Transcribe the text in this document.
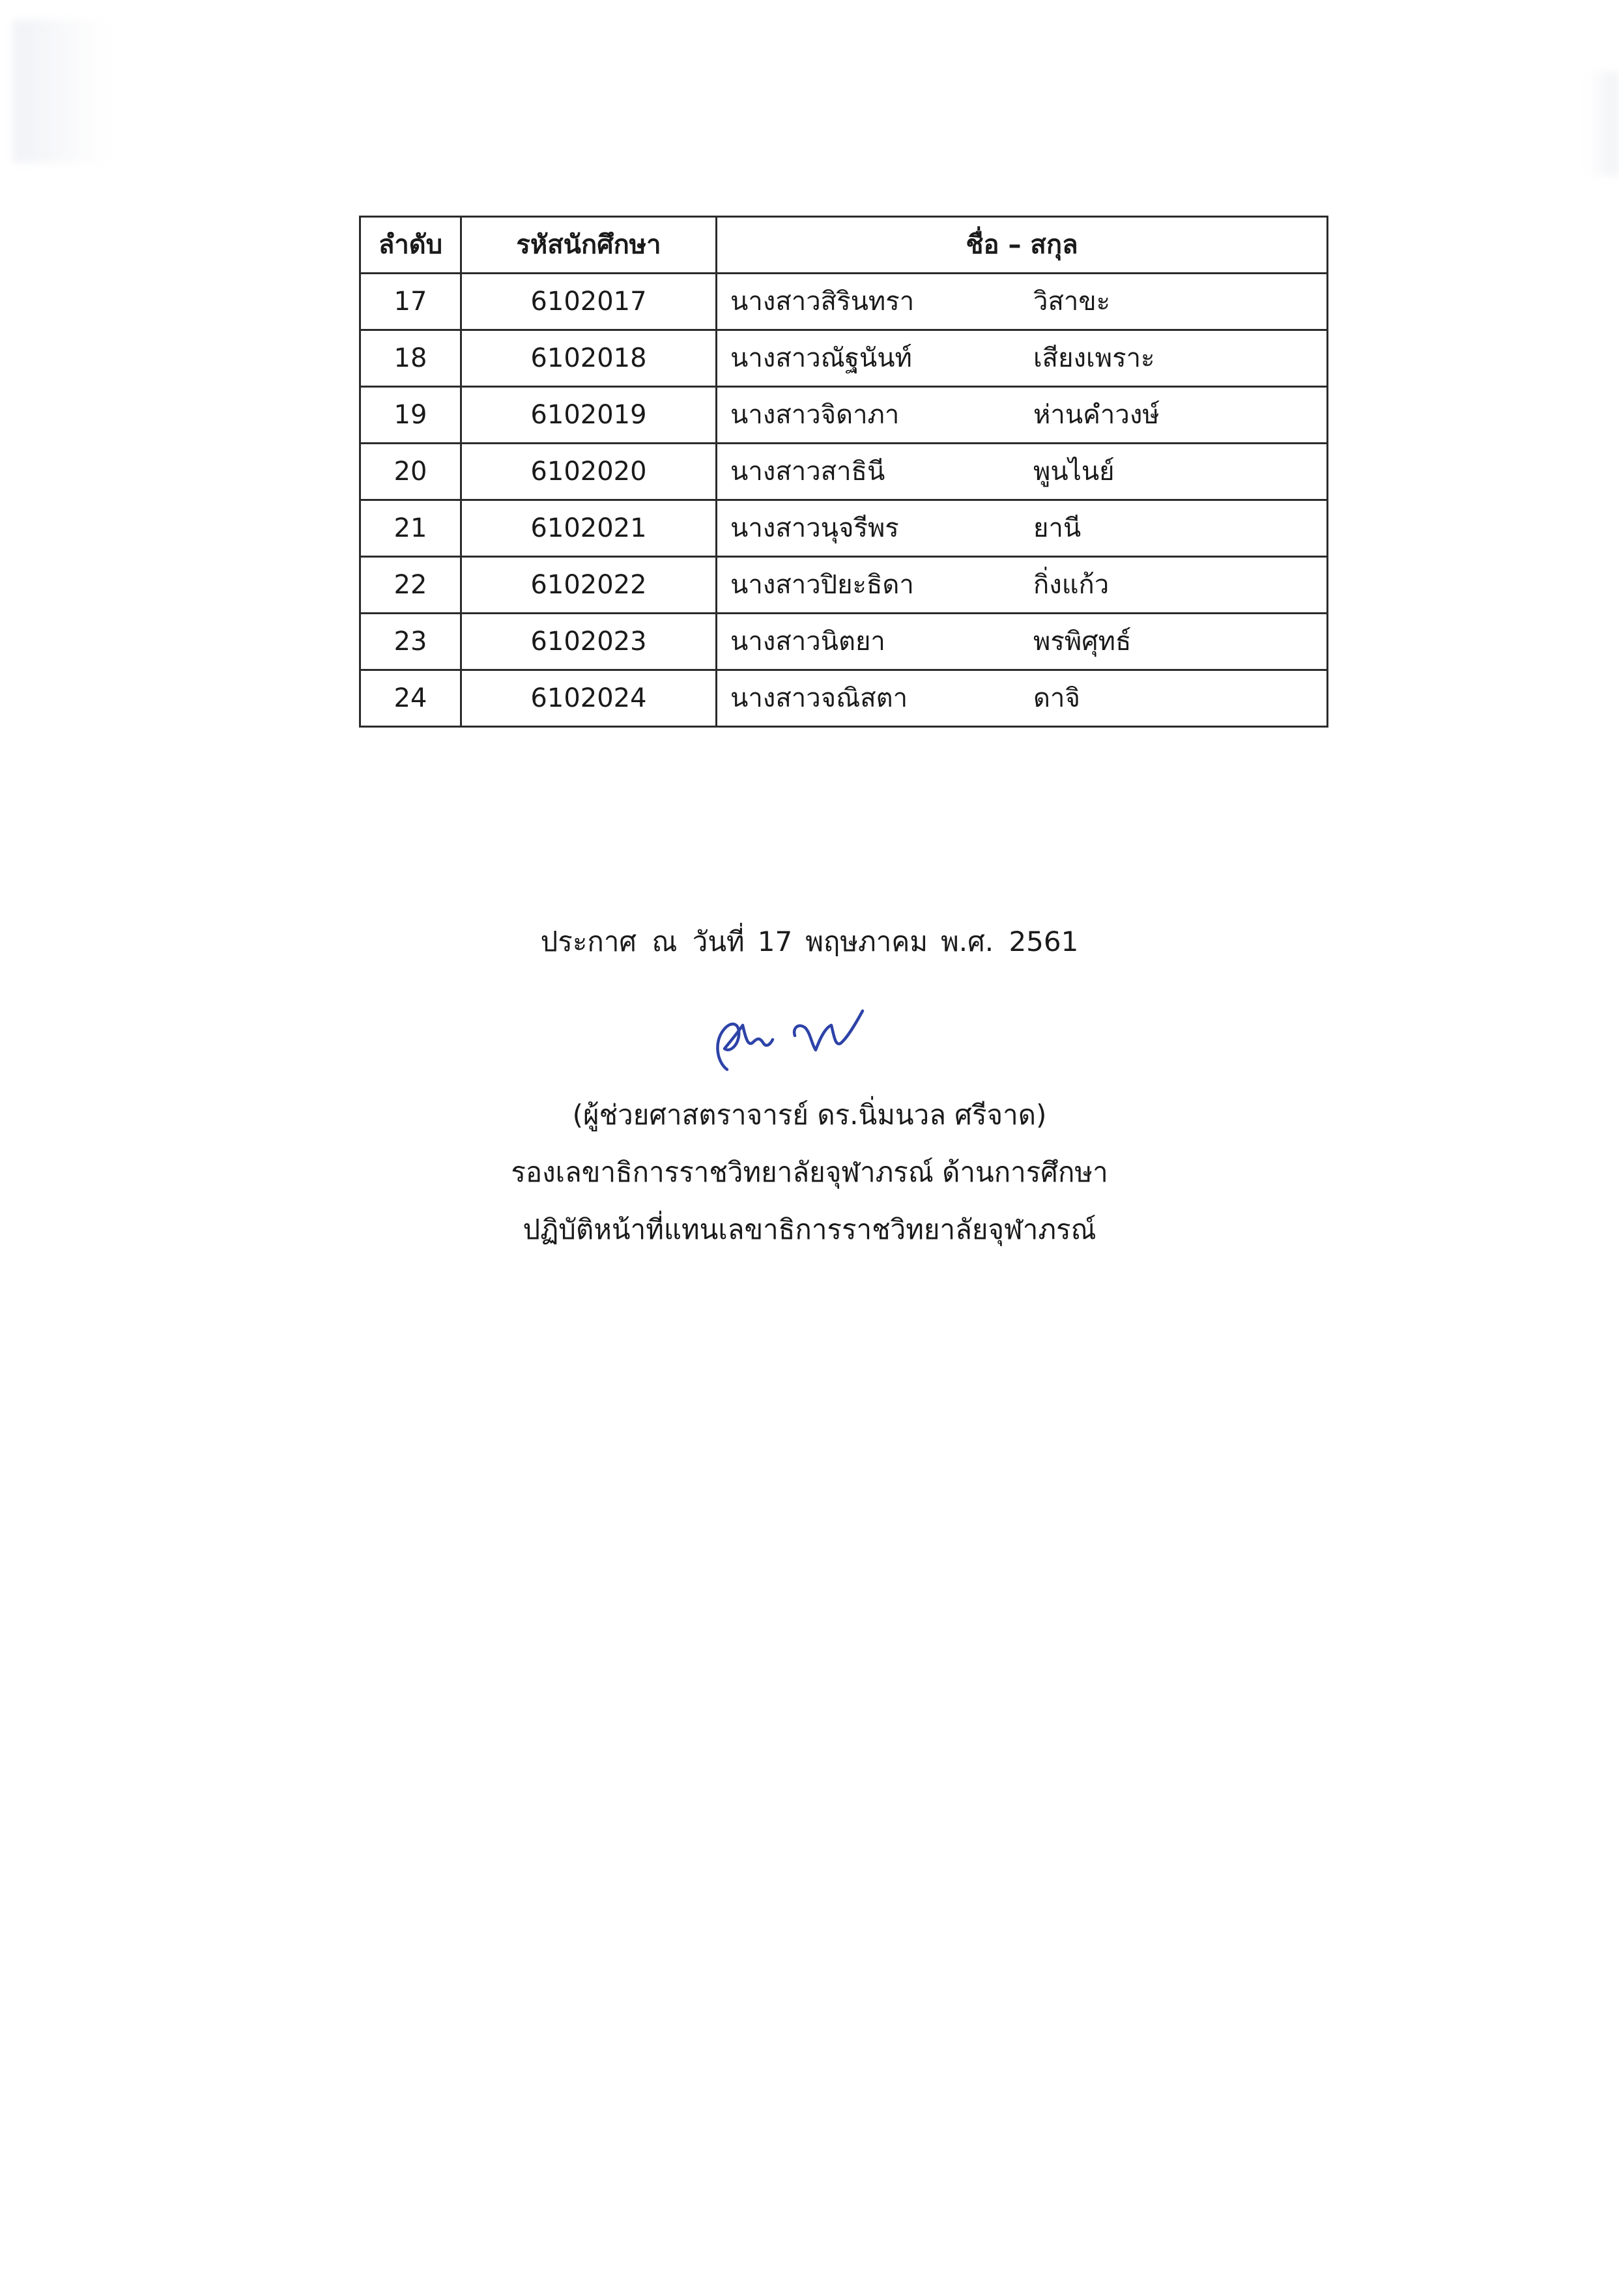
ลำดับ	รหัสนักศึกษา	ชื่อ – สกุล
17	6102017	นางสาวสิรินทรา วิสาขะ
18	6102018	นางสาวณัฐนันท์ เสียงเพราะ
19	6102019	นางสาวจิดาภา ห่านคำวงษ์
20	6102020	นางสาวสาธินี พูนไนย์
21	6102021	นางสาวนุจรีพร ยานี
22	6102022	นางสาวปิยะธิดา กิ่งแก้ว
23	6102023	นางสาวนิตยา พรพิศุทธ์
24	6102024	นางสาวจณิสตา ดาจิ
ประกาศ ณ วันที่ 17 พฤษภาคม พ.ศ. 2561
(ผู้ช่วยศาสตราจารย์ ดร.นิ่มนวล ศรีจาด)
รองเลขาธิการราชวิทยาลัยจุฬาภรณ์ ด้านการศึกษา
ปฏิบัติหน้าที่แทนเลขาธิการราชวิทยาลัยจุฬาภรณ์
